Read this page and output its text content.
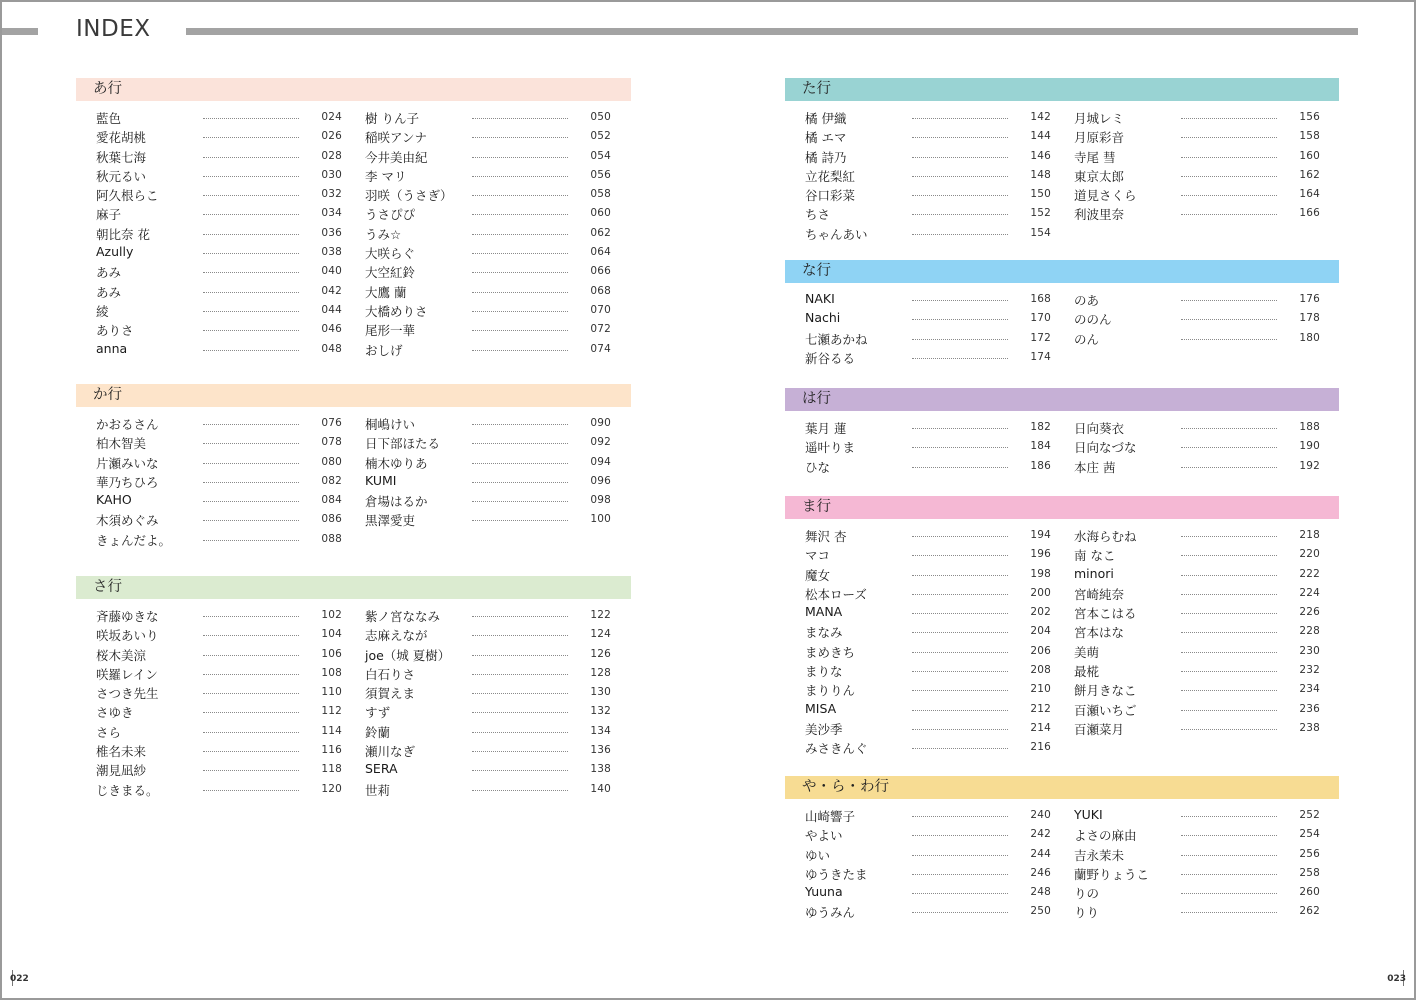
INDEX
あ行
藍色	024
愛花胡桃	026
秋葉七海	028
秋元るい	030
阿久根らこ	032
麻子	034
朝比奈 花	036
Azully	038
あみ	040
あみ	042
綾	044
ありさ	046
anna	048
樹 りん子	050
稲咲アンナ	052
今井美由紀	054
李 マリ	056
羽咲（うさぎ）	058
うさぴぴ	060
うみ☆	062
大咲らぐ	064
大空紅鈴	066
大鷹 蘭	068
大橋めりさ	070
尾形一華	072
おしげ	074
か行
かおるさん	076
柏木智美	078
片瀬みいな	080
華乃ちひろ	082
KAHO	084
木須めぐみ	086
きょんだよ。	088
桐嶋けい	090
日下部ほたる	092
楠木ゆりあ	094
KUMI	096
倉場はるか	098
黒澤愛吏	100
さ行
斉藤ゆきな	102
咲坂あいり	104
桜木美涼	106
咲羅レイン	108
さつき先生	110
さゆき	112
さら	114
椎名未来	116
潮見凪紗	118
じきまる。	120
紫ノ宮ななみ	122
志麻えなが	124
joe（城 夏樹）	126
白石りさ	128
須賀えま	130
すず	132
鈴蘭	134
瀬川なぎ	136
SERA	138
世莉	140
た行
橘 伊織	142
橘 エマ	144
橘 詩乃	146
立花梨紅	148
谷口彩菜	150
ちさ	152
ちゃんあい	154
月城レミ	156
月原彩音	158
寺尾 彗	160
東京太郎	162
道見さくら	164
利波里奈	166
な行
NAKI	168
Nachi	170
七瀬あかね	172
新谷るる	174
のあ	176
ののん	178
のん	180
は行
葉月 蓮	182
遥叶りま	184
ひな	186
日向葵衣	188
日向なづな	190
本庄 茜	192
ま行
舞沢 杏	194
マコ	196
魔女	198
松本ローズ	200
MANA	202
まなみ	204
まめきち	206
まりな	208
まりりん	210
MISA	212
美沙季	214
みさきんぐ	216
水海らむね	218
南 なこ	220
minori	222
宮崎純奈	224
宮本こはる	226
宮本はな	228
美萌	230
最椛	232
餅月きなこ	234
百瀬いちご	236
百瀬菜月	238
や・ら・わ行
山崎響子	240
やよい	242
ゆい	244
ゆうきたま	246
Yuuna	248
ゆうみん	250
YUKI	252
よさの麻由	254
吉永茉未	256
蘭野りょうこ	258
りの	260
りり	262
022	023
